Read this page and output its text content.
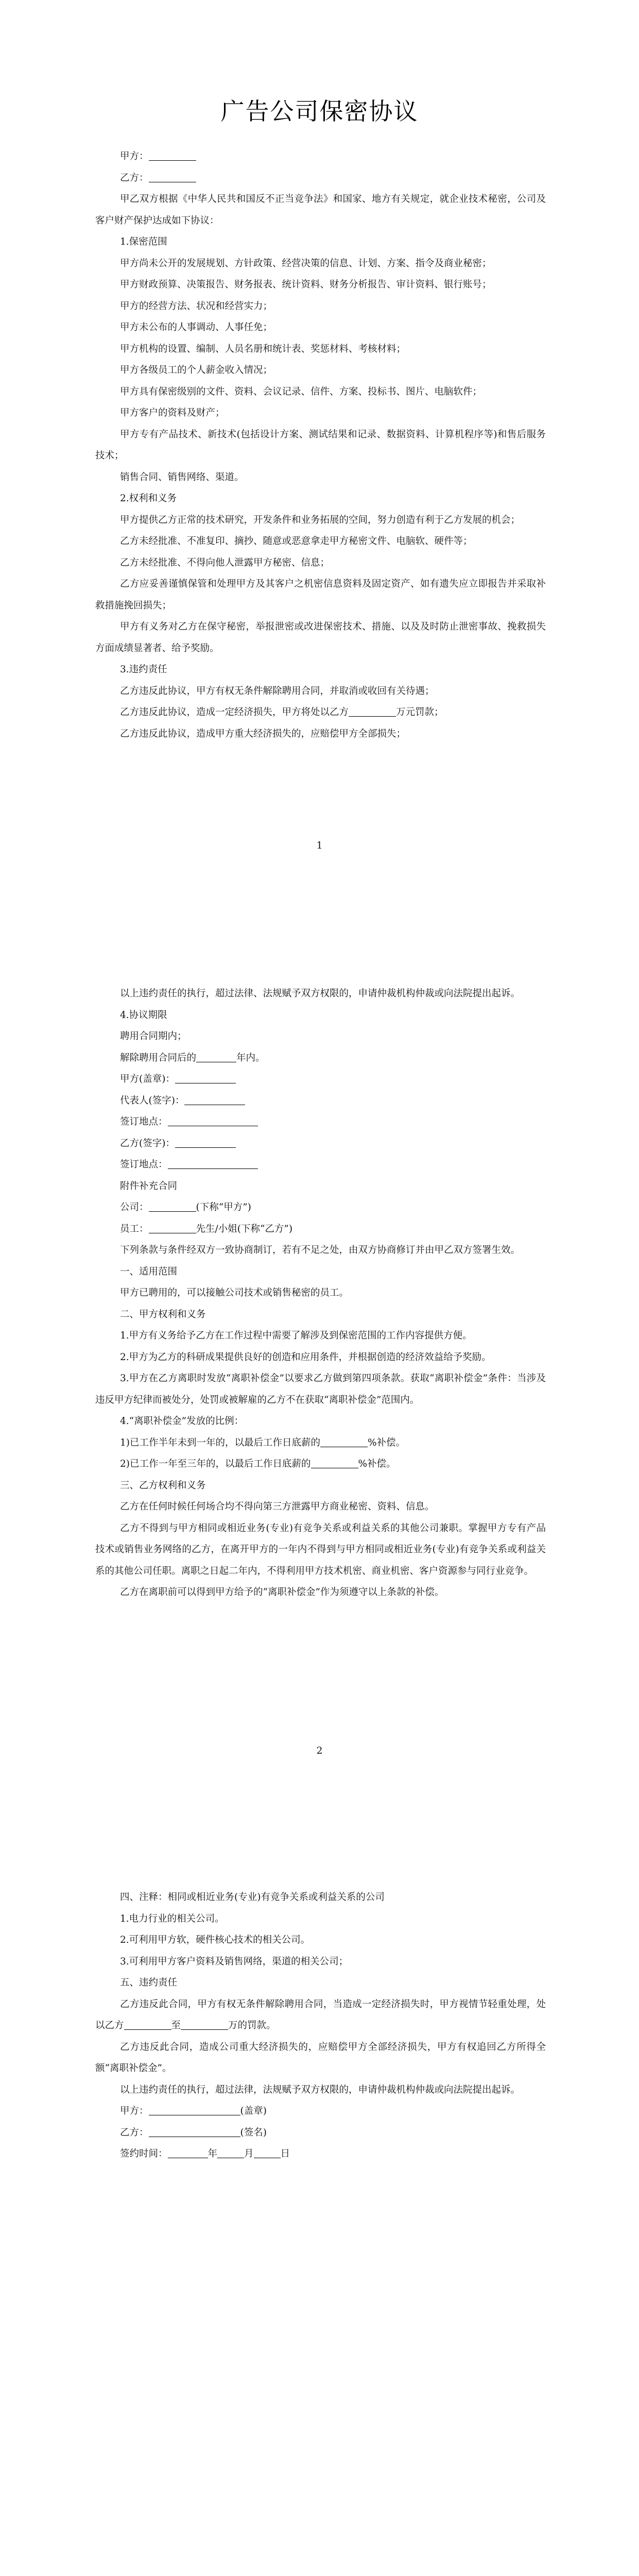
广告公司保密协议

甲方：

乙方：

甲乙双方根据《中华人民共和国反不正当竞争法》和国家、地方有关规定，就企业技术秘密，公司及客户财产保护达成如下协议：

1.保密范围

甲方尚未公开的发展规划、方针政策、经营决策的信息、计划、方案、指令及商业秘密；

甲方财政预算、决策报告、财务报表、统计资料、财务分析报告、审计资料、银行账号；

甲方的经营方法、状况和经营实力；

甲方未公布的人事调动、人事任免；

甲方机构的设置、编制、人员名册和统计表、奖惩材料、考核材料；

甲方各级员工的个人薪金收入情况；

甲方具有保密级别的文件、资料、会议记录、信件、方案、投标书、图片、电脑软件；

甲方客户的资料及财产；

甲方专有产品技术、新技术(包括设计方案、测试结果和记录、数据资料、计算机程序等)和售后服务技术；

销售合同、销售网络、渠道。

2.权利和义务

甲方提供乙方正常的技术研究，开发条件和业务拓展的空间，努力创造有利于乙方发展的机会；

乙方未经批准、不准复印、摘抄、随意或恶意拿走甲方秘密文件、电脑软、硬件等；

乙方未经批准、不得向他人泄露甲方秘密、信息；

乙方应妥善谨慎保管和处理甲方及其客户之机密信息资料及固定资产、如有遗失应立即报告并采取补救措施挽回损失；

甲方有义务对乙方在保守秘密，举报泄密或改进保密技术、措施、以及及时防止泄密事故、挽救损失方面成绩显著者、给予奖励。

3.违约责任

乙方违反此协议，甲方有权无条件解除聘用合同，并取消或收回有关待遇；

乙方违反此协议，造成一定经济损失，甲方将处以乙方	万元罚款；

乙方违反此协议，造成甲方重大经济损失的，应赔偿甲方全部损失；

1

以上违约责任的执行，超过法律、法规赋予双方权限的，申请仲裁机构仲裁或向法院提出起诉。

4.协议期限

聘用合同期内；

解除聘用合同后的	年内。

甲方(盖章)：

代表人(签字)：

签订地点：

乙方(签字)：

签订地点：

附件补充合同

公司：	(下称“甲方”)

员工：	先生/小姐(下称“乙方”)

下列条款与条件经双方一致协商制订，若有不足之处，由双方协商修订并由甲乙双方签署生效。

一、适用范围

甲方已聘用的，可以接触公司技术或销售秘密的员工。

二、甲方权利和义务

1.甲方有义务给予乙方在工作过程中需要了解涉及到保密范围的工作内容提供方便。

2.甲方为乙方的科研成果提供良好的创造和应用条件，并根据创造的经济效益给予奖励。

3.甲方在乙方离职时发放“离职补偿金”以要求乙方做到第四项条款。获取“离职补偿金”条件：当涉及违反甲方纪律而被处分，处罚或被解雇的乙方不在获取“离职补偿金”范围内。

4.“离职补偿金”发放的比例：

1)已工作半年未到一年的，以最后工作日底薪的	%补偿。

2)已工作一年至三年的，以最后工作日底薪的	%补偿。

三、乙方权利和义务

乙方在任何时候任何场合均不得向第三方泄露甲方商业秘密、资料、信息。

乙方不得到与甲方相同或相近业务(专业)有竞争关系或利益关系的其他公司兼职。掌握甲方专有产品技术或销售业务网络的乙方，在离开甲方的一年内不得到与甲方相同或相近业务(专业)有竞争关系或利益关系的其他公司任职。离职之日起二年内，不得利用甲方技术机密、商业机密、客户资源参与同行业竞争。

乙方在离职前可以得到甲方给予的“离职补偿金”作为须遵守以上条款的补偿。

2

四、注释：相同或相近业务(专业)有竞争关系或利益关系的公司

1.电力行业的相关公司。

2.可利用甲方软，硬件核心技术的相关公司。

3.可利用甲方客户资料及销售网络，渠道的相关公司；

五、违约责任

乙方违反此合同，甲方有权无条件解除聘用合同，当造成一定经济损失时，甲方视情节轻重处理，处以乙方	至	万的罚款。

乙方违反此合同，造成公司重大经济损失的，应赔偿甲方全部经济损失，甲方有权追回乙方所得全额“离职补偿金”。

以上违约责任的执行，超过法律，法规赋予双方权限的，申请仲裁机构仲裁或向法院提出起诉。

甲方：	(盖章)

乙方：	(签名)

签约时间：	年	月	日
